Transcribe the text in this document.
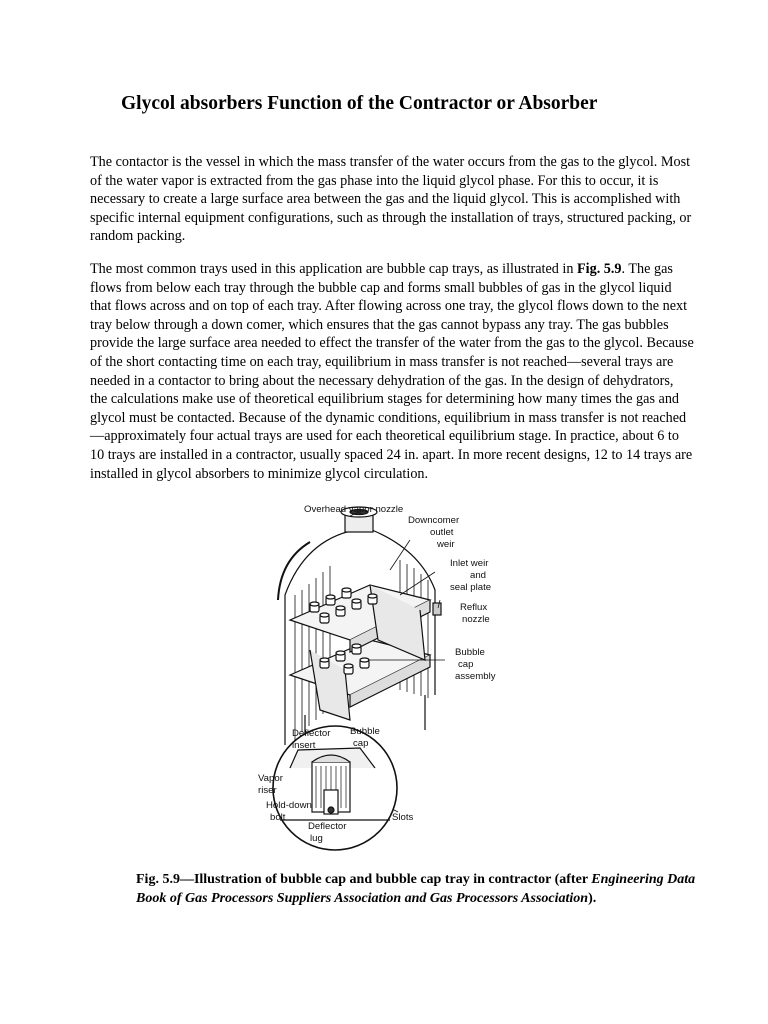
Glycol absorbers Function of the Contractor or Absorber

The contactor is the vessel in which the mass transfer of the water occurs from the gas to the glycol. Most of the water vapor is extracted from the gas phase into the liquid glycol phase. For this to occur, it is necessary to create a large surface area between the gas and the liquid glycol. This is accomplished with specific internal equipment configurations, such as through the installation of trays, structured packing, or random packing.

The most common trays used in this application are bubble cap trays, as illustrated in Fig. 5.9. The gas flows from below each tray through the bubble cap and forms small bubbles of gas in the glycol liquid that flows across and on top of each tray. After flowing across one tray, the glycol flows down to the next tray below through a down comer, which ensures that the gas cannot bypass any tray. The gas bubbles provide the large surface area needed to effect the transfer of the water from the gas to the glycol. Because of the short contacting time on each tray, equilibrium in mass transfer is not reached—several trays are needed in a contactor to bring about the necessary dehydration of the gas. In the design of dehydrators, the calculations make use of theoretical equilibrium stages for determining how many times the gas and glycol must be contacted. Because of the dynamic conditions, equilibrium in mass transfer is not reached—approximately four actual trays are used for each theoretical equilibrium stage. In practice, about 6 to 10 trays are installed in a contractor, usually spaced 24 in. apart. In more recent designs, 12 to 14 trays are installed in glycol absorbers to minimize glycol circulation.

Overhead vapor nozzle
Downcomer
outlet
weir
Inlet weir
and
seal plate
Reflux
nozzle
Bubble
cap
assembly
Deflector
insert
Bubble
cap
Vapor
riser
Hold-down
bolt	Slots
Deflector
lug

Fig. 5.9—Illustration of bubble cap and bubble cap tray in contractor (after Engineering Data Book of Gas Processors Suppliers Association and Gas Processors Association).
